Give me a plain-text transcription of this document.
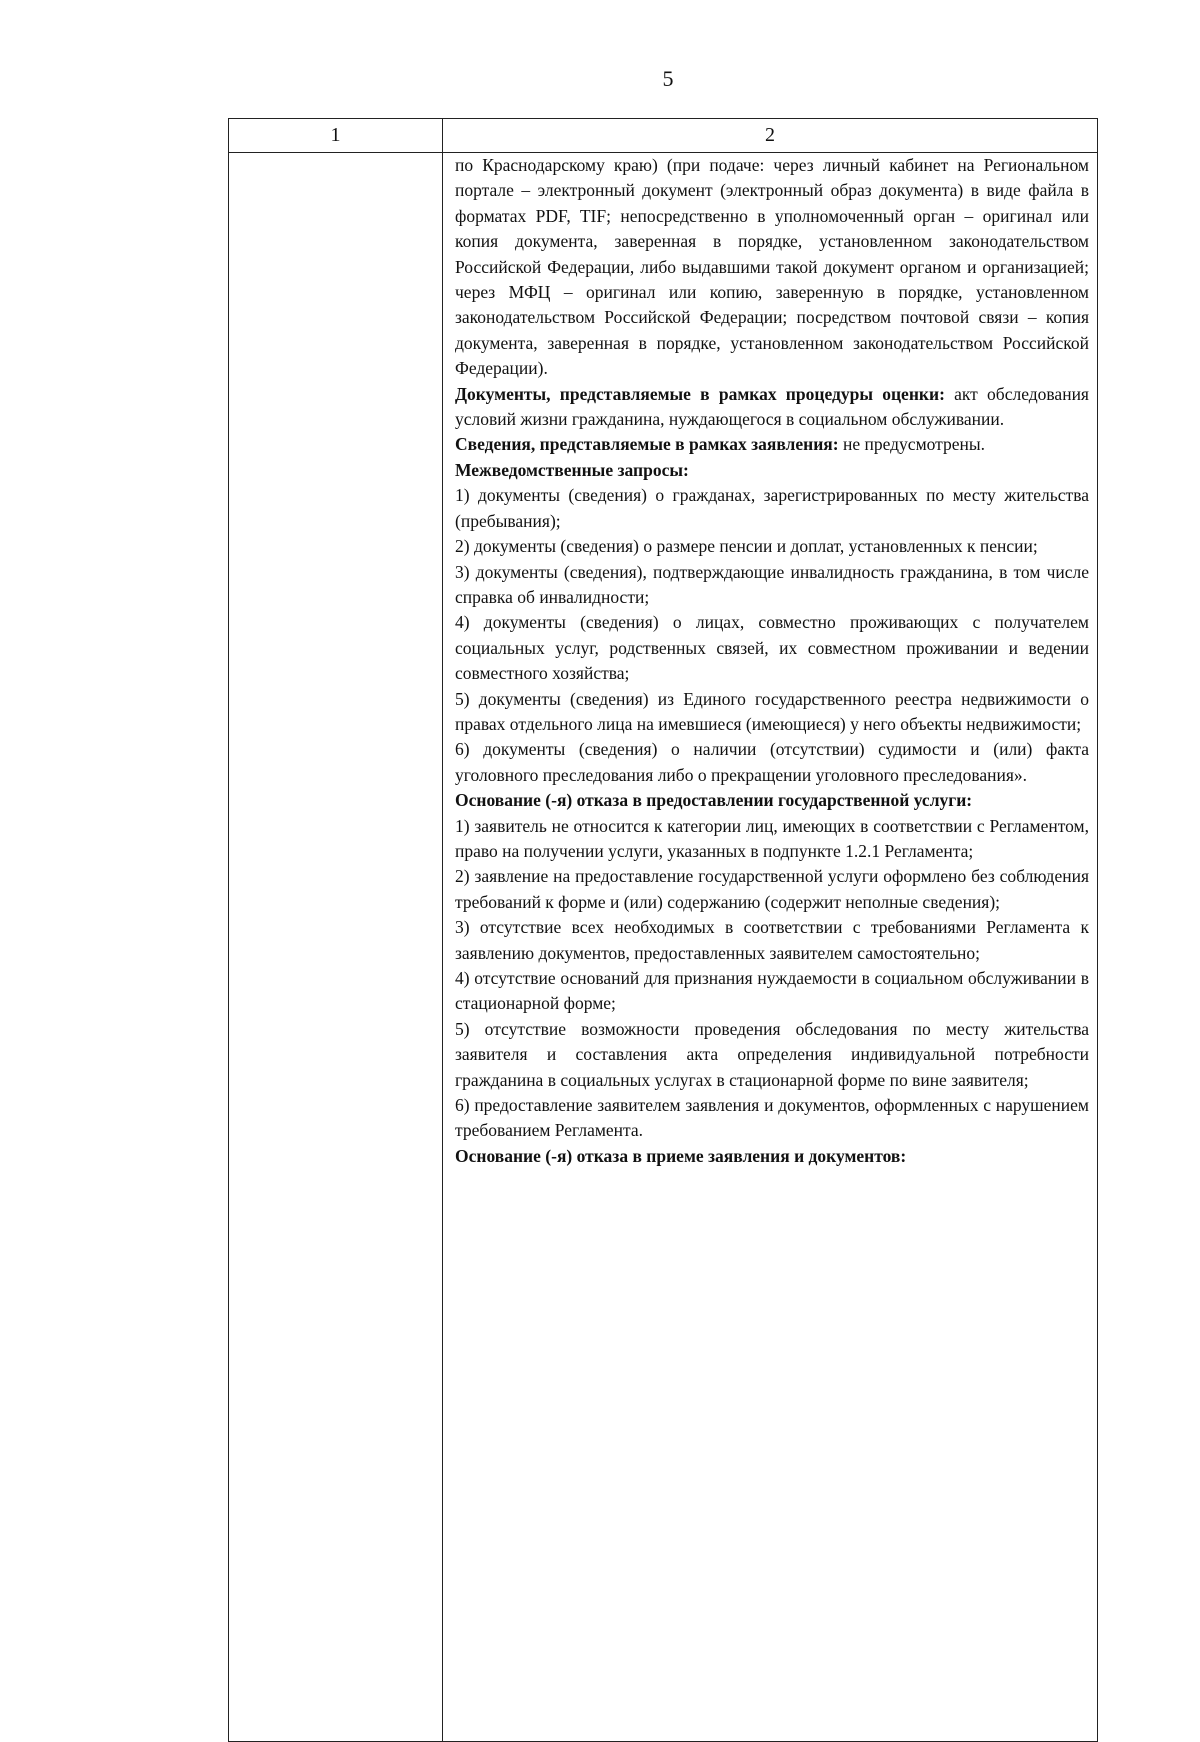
5
1	2

по Краснодарскому краю) (при подаче: через личный кабинет на Региональном портале – электронный документ (электронный образ документа) в виде файла в форматах PDF, TIF; непосредственно в уполномоченный орган – оригинал или копия документа, заверенная в порядке, установленном законодательством Российской Федерации, либо выдавшими такой документ органом и организацией; через МФЦ – оригинал или копию, заверенную в порядке, установленном законодательством Российской Федерации; посредством почтовой связи – копия документа, заверенная в порядке, установленном законодательством Российской Федерации).

Документы, представляемые в рамках процедуры оценки: акт обследования условий жизни гражданина, нуждающегося в социальном обслуживании.

Сведения, представляемые в рамках заявления: не предусмотрены.

Межведомственные запросы:

1) документы (сведения) о гражданах, зарегистрированных по месту жительства (пребывания);

2) документы (сведения) о размере пенсии и доплат, установленных к пенсии;

3) документы (сведения), подтверждающие инвалидность гражданина, в том числе справка об инвалидности;

4) документы (сведения) о лицах, совместно проживающих с получателем социальных услуг, родственных связей, их совместном проживании и ведении совместного хозяйства;

5) документы (сведения) из Единого государственного реестра недвижимости о правах отдельного лица на имевшиеся (имеющиеся) у него объекты недвижимости;

6) документы (сведения) о наличии (отсутствии) судимости и (или) факта уголовного преследования либо о прекращении уголовного преследования».

Основание (-я) отказа в предоставлении государственной услуги:

1) заявитель не относится к категории лиц, имеющих в соответствии с Регламентом, право на получении услуги, указанных в подпункте 1.2.1 Регламента;

2) заявление на предоставление государственной услуги оформлено без соблюдения требований к форме и (или) содержанию (содержит неполные сведения);

3) отсутствие всех необходимых в соответствии с требованиями Регламента к заявлению документов, предоставленных заявителем самостоятельно;

4) отсутствие оснований для признания нуждаемости в социальном обслуживании в стационарной форме;

5) отсутствие возможности проведения обследования по месту жительства заявителя и составления акта определения индивидуальной потребности гражданина в социальных услугах в стационарной форме по вине заявителя;

6) предоставление заявителем заявления и документов, оформленных с нарушением требованием Регламента.

Основание (-я) отказа в приеме заявления и документов:
